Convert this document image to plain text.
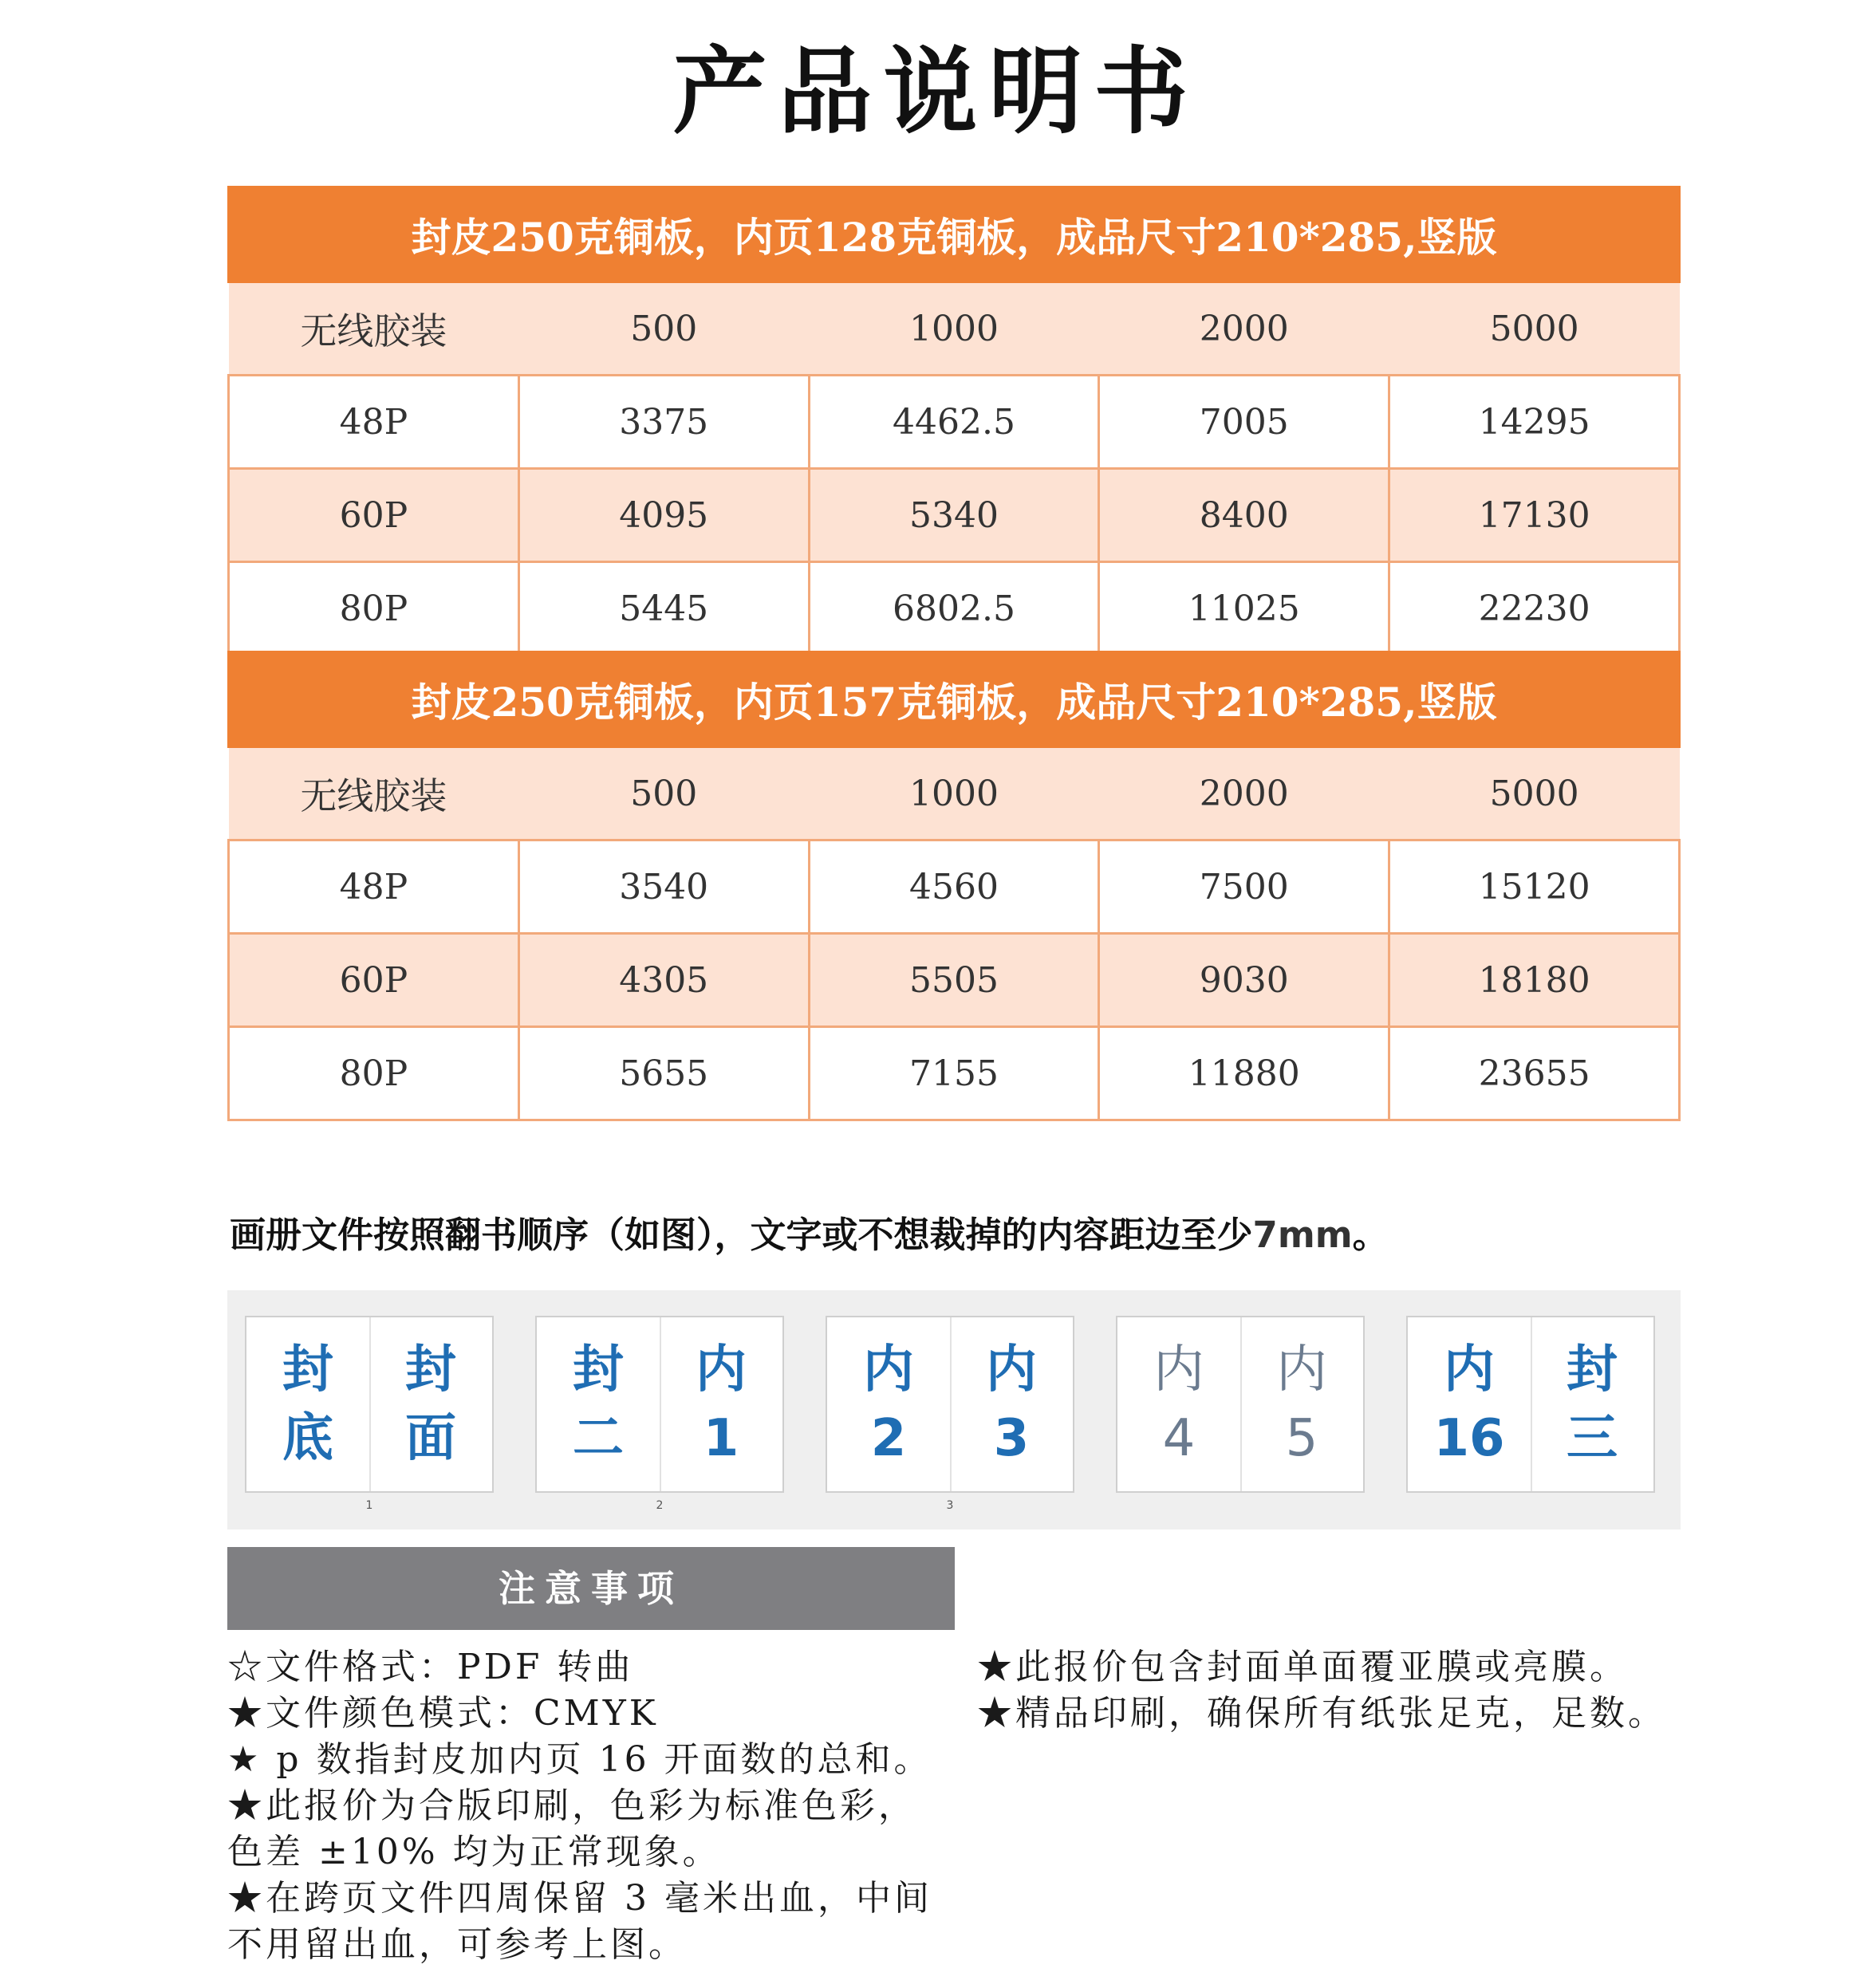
产品说明书
封皮250克铜板，内页128克铜板，成品尺寸210*285,竖版				
无线胶装	500	1000	2000	5000
48P	3375	4462.5	7005	14295
60P	4095	5340	8400	17130
80P	5445	6802.5	11025	22230
封皮250克铜板，内页157克铜板，成品尺寸210*285,竖版				
无线胶装	500	1000	2000	5000
48P	3540	4560	7500	15120
60P	4305	5505	9030	18180
80P	5655	7155	11880	23655
画册文件按照翻书顺序（如图），文字或不想裁掉的内容距边至少7mm。
封
底
封
面
1
封
二
内
1
2
内
2
内
3
3
内
4
内
5
内
16
封
三
注意事项
☆文件格式：PDF 转曲
★文件颜色模式：CMYK
★ p 数指封皮加内页 16 开面数的总和。
★此报价为合版印刷，色彩为标准色彩，
色差 ±10% 均为正常现象。
★在跨页文件四周保留 3 毫米出血，中间
不用留出血，可参考上图。
★此报价包含封面单面覆亚膜或亮膜。
★精品印刷，确保所有纸张足克，足数。
